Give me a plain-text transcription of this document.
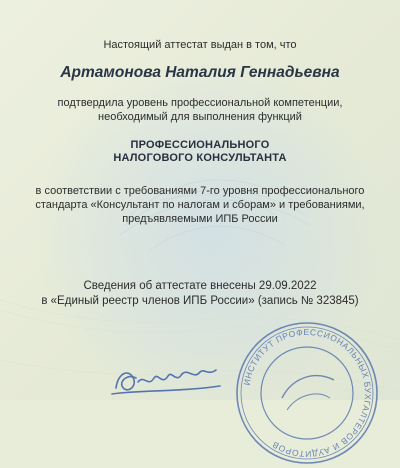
Настоящий аттестат выдан в том, что
Артамонова Наталия Геннадьевна
подтвердила уровень профессиональной компетенции,
необходимый для выполнения функций
ПРОФЕССИОНАЛЬНОГО
НАЛОГОВОГО КОНСУЛЬТАНТА
в соответствии с требованиями 7-го уровня профессионального
стандарта «Консультант по налогам и сборам» и требованиями,
предъявляемыми ИПБ России
Сведения об аттестате внесены 29.09.2022
в «Единый реестр членов ИПБ России» (запись № 323845)
ИНСТИТУТ ПРОФЕССИОНАЛЬНЫХ БУХГАЛТЕРОВ И АУДИТОРОВ
